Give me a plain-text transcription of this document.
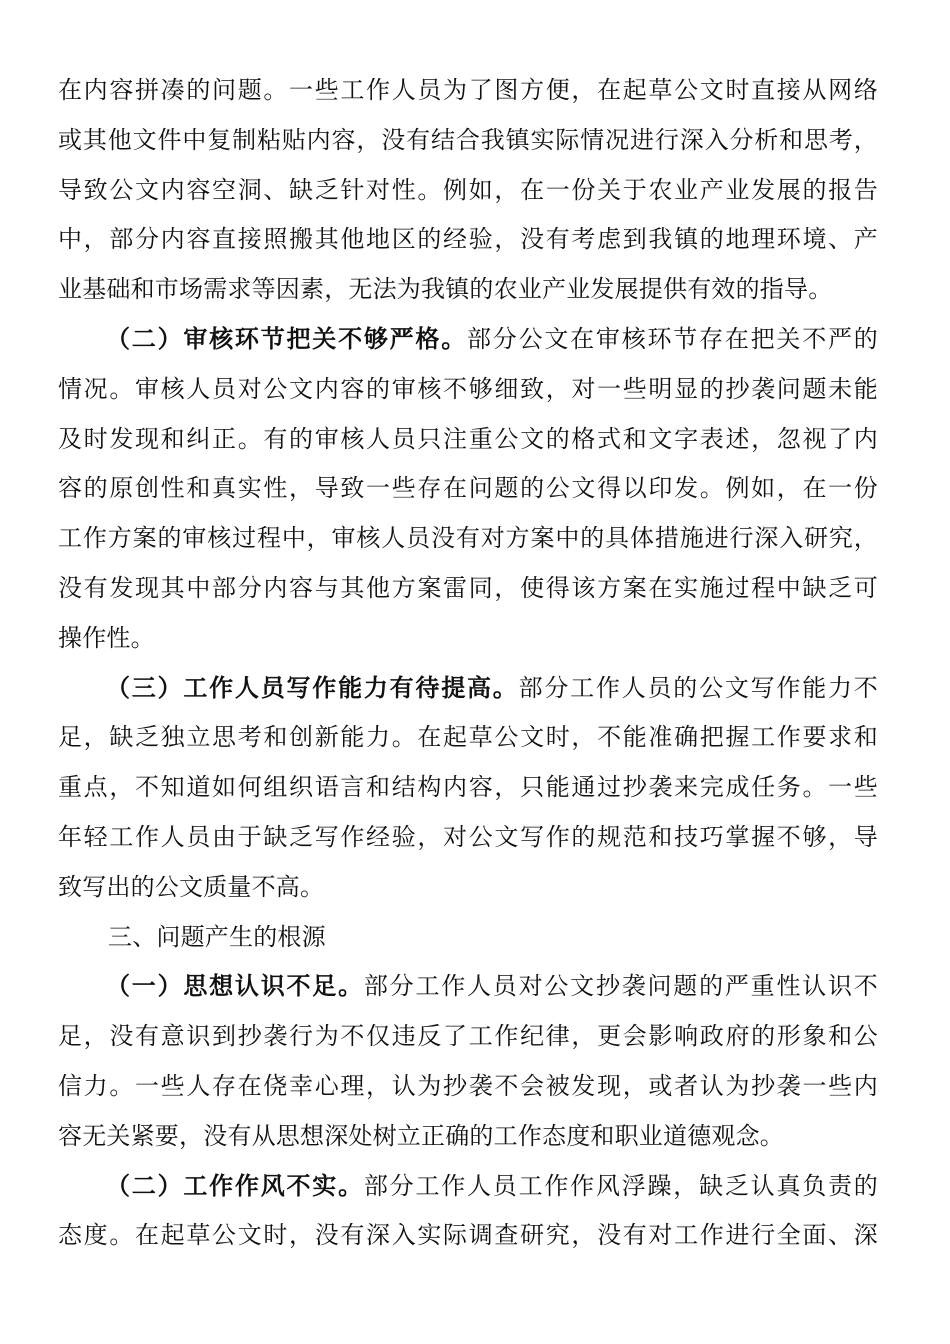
在内容拼凑的问题。一些工作人员为了图方便，在起草公文时直接从网络
或其他文件中复制粘贴内容，没有结合我镇实际情况进行深入分析和思考，
导致公文内容空洞、缺乏针对性。例如，在一份关于农业产业发展的报告
中，部分内容直接照搬其他地区的经验，没有考虑到我镇的地理环境、产
业基础和市场需求等因素，无法为我镇的农业产业发展提供有效的指导。
（二）审核环节把关不够严格。部分公文在审核环节存在把关不严的
情况。审核人员对公文内容的审核不够细致，对一些明显的抄袭问题未能
及时发现和纠正。有的审核人员只注重公文的格式和文字表述，忽视了内
容的原创性和真实性，导致一些存在问题的公文得以印发。例如，在一份
工作方案的审核过程中，审核人员没有对方案中的具体措施进行深入研究，
没有发现其中部分内容与其他方案雷同，使得该方案在实施过程中缺乏可
操作性。
（三）工作人员写作能力有待提高。部分工作人员的公文写作能力不
足，缺乏独立思考和创新能力。在起草公文时，不能准确把握工作要求和
重点，不知道如何组织语言和结构内容，只能通过抄袭来完成任务。一些
年轻工作人员由于缺乏写作经验，对公文写作的规范和技巧掌握不够，导
致写出的公文质量不高。
三、问题产生的根源
（一）思想认识不足。部分工作人员对公文抄袭问题的严重性认识不
足，没有意识到抄袭行为不仅违反了工作纪律，更会影响政府的形象和公
信力。一些人存在侥幸心理，认为抄袭不会被发现，或者认为抄袭一些内
容无关紧要，没有从思想深处树立正确的工作态度和职业道德观念。
（二）工作作风不实。部分工作人员工作作风浮躁，缺乏认真负责的
态度。在起草公文时，没有深入实际调查研究，没有对工作进行全面、深
